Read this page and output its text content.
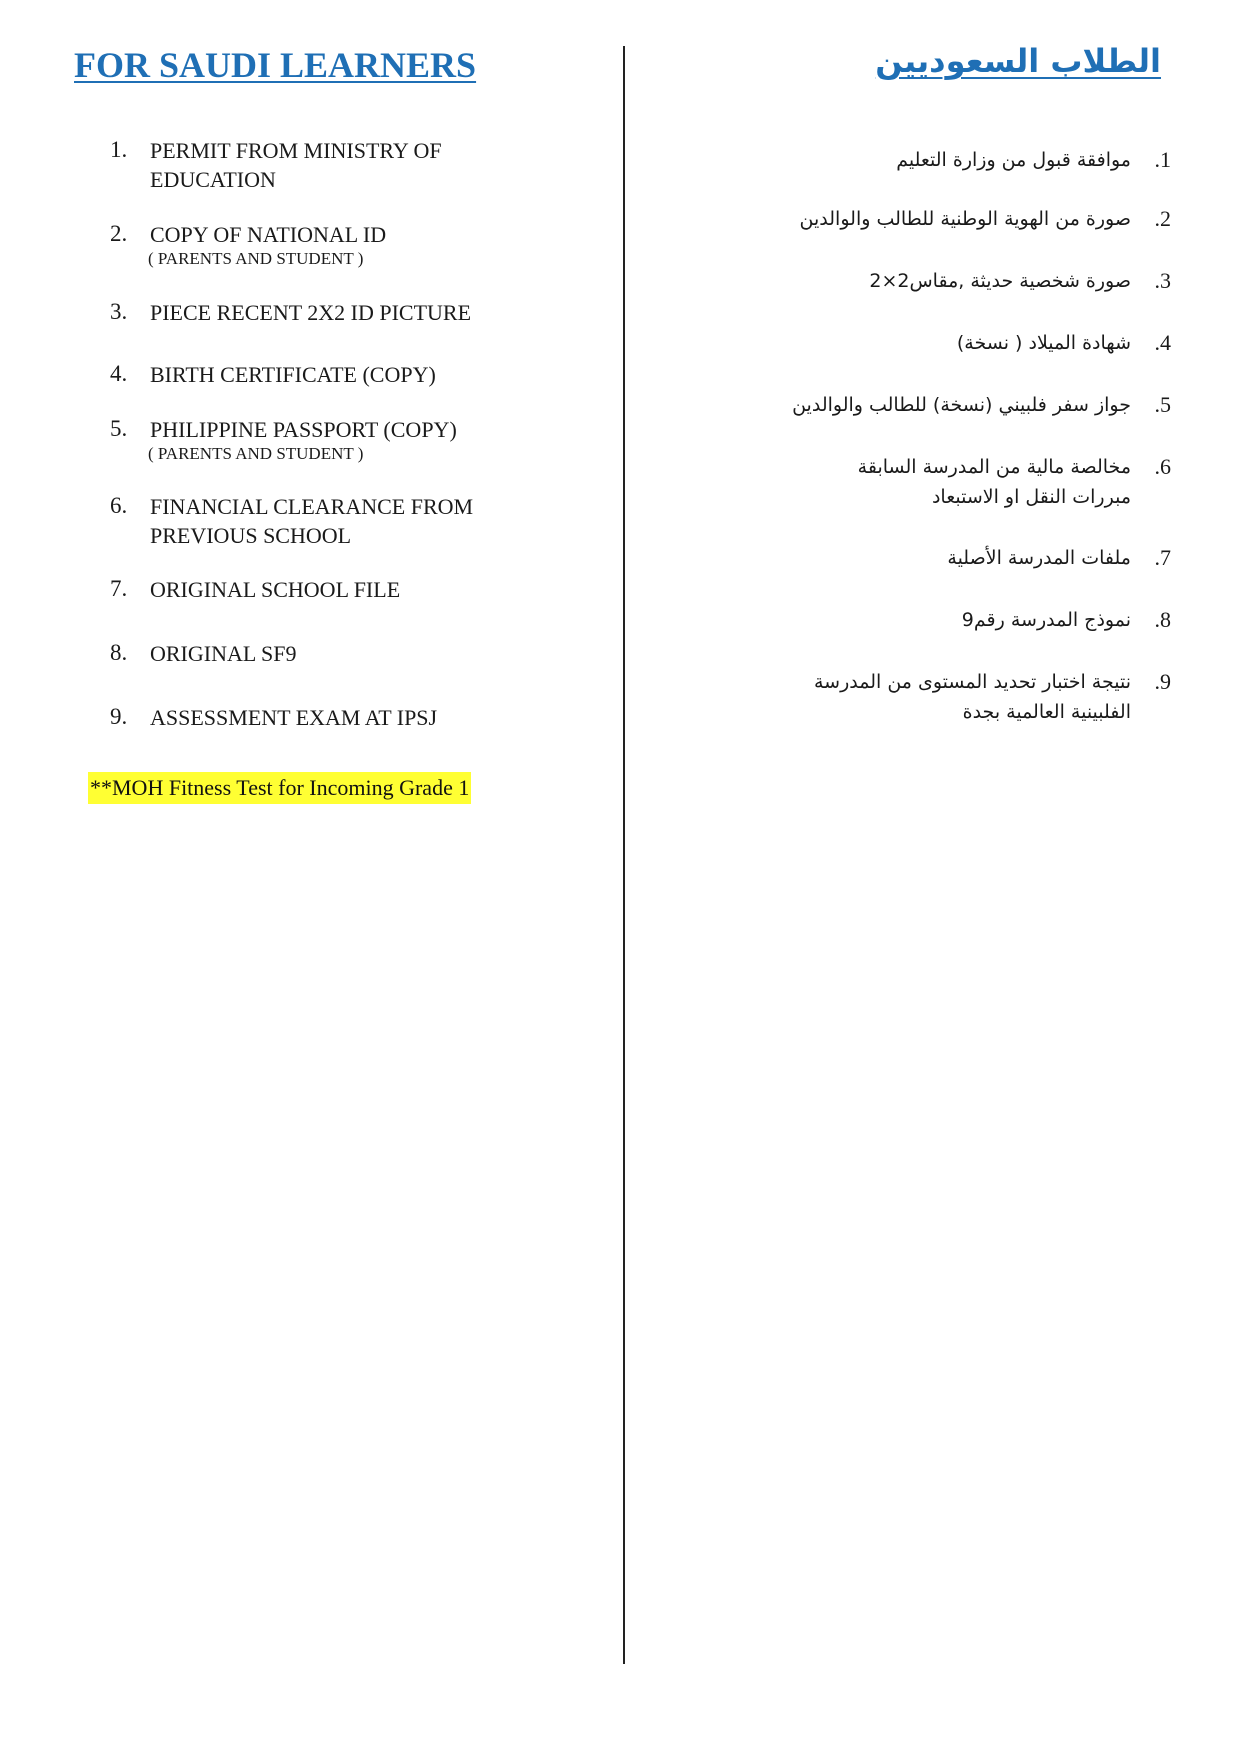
FOR SAUDI LEARNERS
1.	PERMIT FROM MINISTRY OF EDUCATION
2.	COPY OF NATIONAL ID
( PARENTS AND STUDENT )
3.	PIECE RECENT 2X2 ID PICTURE
4.	BIRTH CERTIFICATE (COPY)
5.	PHILIPPINE PASSPORT (COPY)
( PARENTS AND STUDENT )
6.	FINANCIAL CLEARANCE FROM PREVIOUS SCHOOL
7.	ORIGINAL SCHOOL FILE
8.	ORIGINAL SF9
9.	ASSESSMENT EXAM AT IPSJ
**MOH Fitness Test for Incoming Grade 1
الطلاب السعوديين
.1
موافقة قبول من وزارة التعليم
.2
صورة من الهوية الوطنية للطالب والوالدين
.3
صورة شخصية حديثة ,مقاس2×2
.4
شهادة الميلاد ( نسخة)
.5
جواز سفر فلبيني (نسخة) للطالب والوالدين
.6
مخالصة مالية من المدرسة السابقة
مبررات النقل او الاستبعاد
.7
ملفات المدرسة الأصلية
.8
نموذج المدرسة رقم9
.9
نتيجة اختبار تحديد المستوى من المدرسة
الفلبينية العالمية بجدة
